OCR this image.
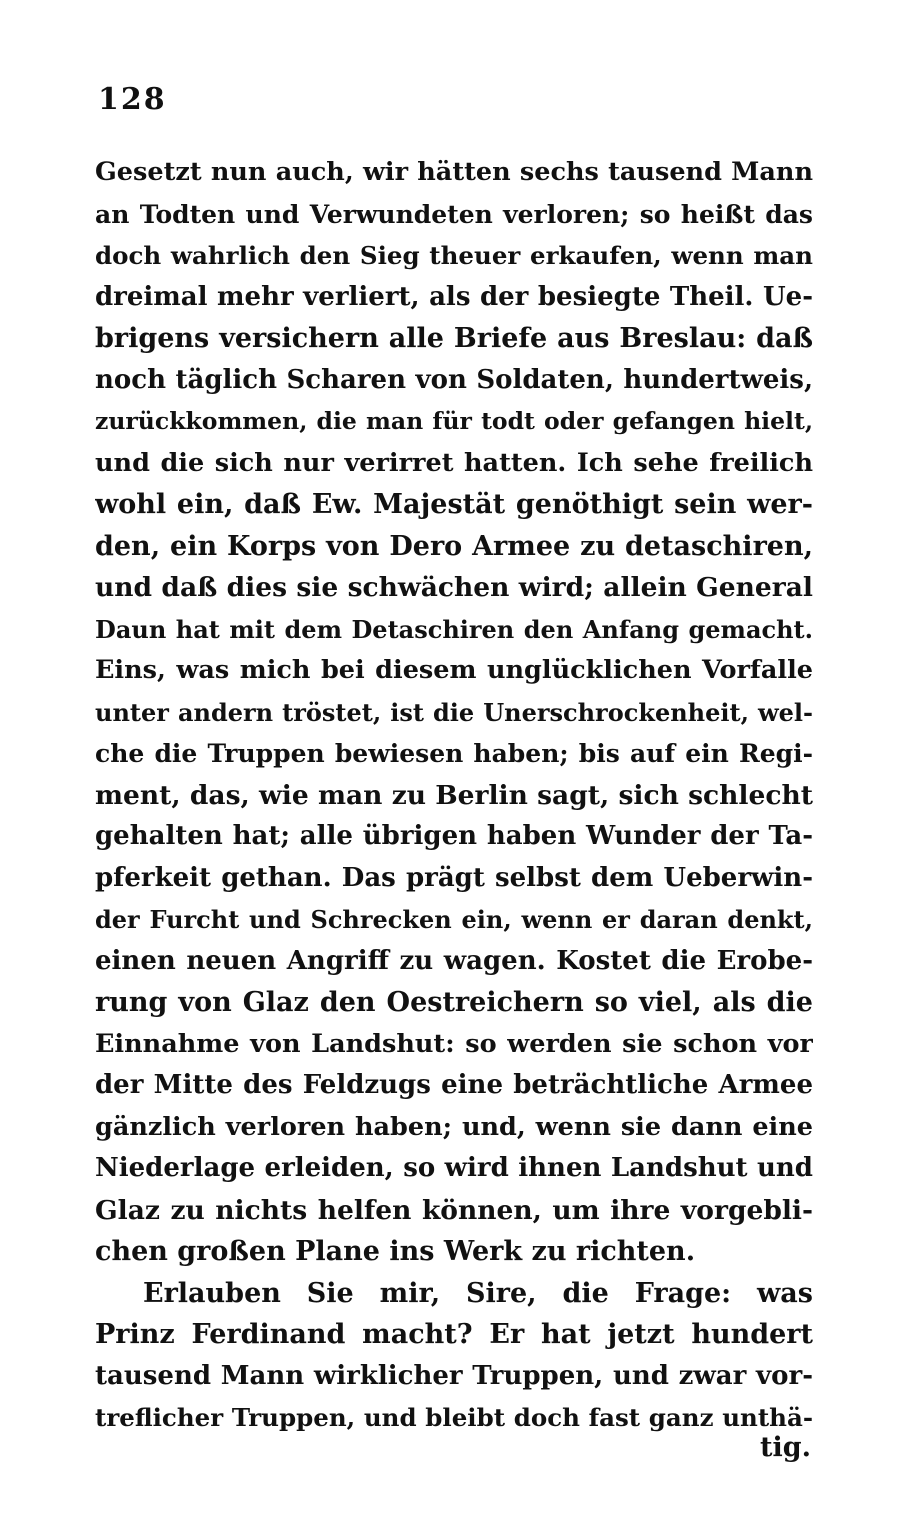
128
Gesetzt nun auch, wir hätten sechs tausend Mann
an Todten und Verwundeten verloren; so heißt das
doch wahrlich den Sieg theuer erkaufen, wenn man
dreimal mehr verliert, als der besiegte Theil. Ue-
brigens versichern alle Briefe aus Breslau: daß
noch täglich Scharen von Soldaten, hundertweis,
zurückkommen, die man für todt oder gefangen hielt,
und die sich nur verirret hatten. Ich sehe freilich
wohl ein, daß Ew. Majestät genöthigt sein wer-
den, ein Korps von Dero Armee zu detaschiren,
und daß dies sie schwächen wird; allein General
Daun hat mit dem Detaschiren den Anfang gemacht.
Eins, was mich bei diesem unglücklichen Vorfalle
unter andern tröstet, ist die Unerschrockenheit, wel-
che die Truppen bewiesen haben; bis auf ein Regi-
ment, das, wie man zu Berlin sagt, sich schlecht
gehalten hat; alle übrigen haben Wunder der Ta-
pferkeit gethan. Das prägt selbst dem Ueberwin-
der Furcht und Schrecken ein, wenn er daran denkt,
einen neuen Angriff zu wagen. Kostet die Erobe-
rung von Glaz den Oestreichern so viel, als die
Einnahme von Landshut: so werden sie schon vor
der Mitte des Feldzugs eine beträchtliche Armee
gänzlich verloren haben; und, wenn sie dann eine
Niederlage erleiden, so wird ihnen Landshut und
Glaz zu nichts helfen können, um ihre vorgebli-
chen großen Plane ins Werk zu richten.
Erlauben Sie mir, Sire, die Frage: was
Prinz Ferdinand macht? Er hat jetzt hundert
tausend Mann wirklicher Truppen, und zwar vor-
treflicher Truppen, und bleibt doch fast ganz unthä-
tig.
